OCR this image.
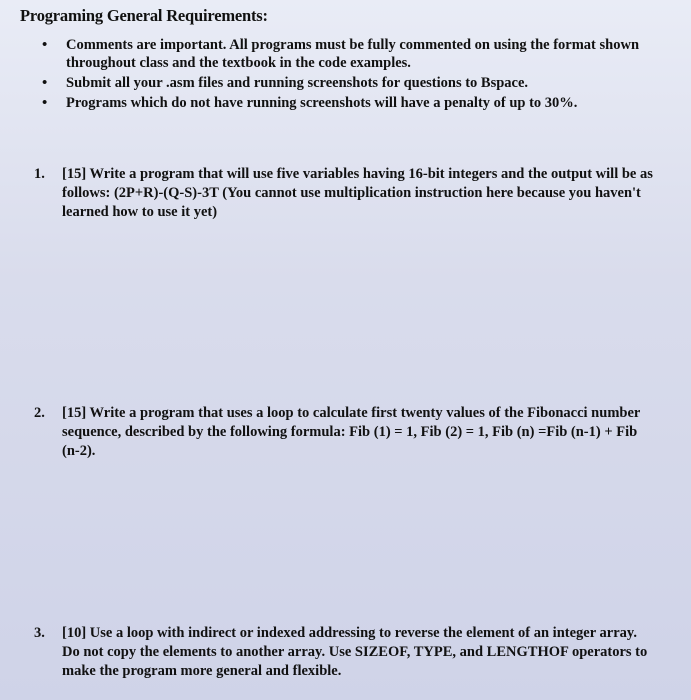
Programing General Requirements:
• Comments are important. All programs must be fully commented on using the format shown throughout class and the textbook in the code examples.
• Submit all your .asm files and running screenshots for questions to Bspace.
• Programs which do not have running screenshots will have a penalty of up to 30%.
1.	[15] Write a program that will use five variables having 16-bit integers and the output will be as follows: (2P+R)-(Q-S)-3T (You cannot use multiplication instruction here because you haven't learned how to use it yet)
2.	[15] Write a program that uses a loop to calculate first twenty values of the Fibonacci number sequence, described by the following formula: Fib (1) = 1, Fib (2) = 1, Fib (n) =Fib (n-1) + Fib (n-2).
3.	[10] Use a loop with indirect or indexed addressing to reverse the element of an integer array. Do not copy the elements to another array. Use SIZEOF, TYPE, and LENGTHOF operators to make the program more general and flexible.
